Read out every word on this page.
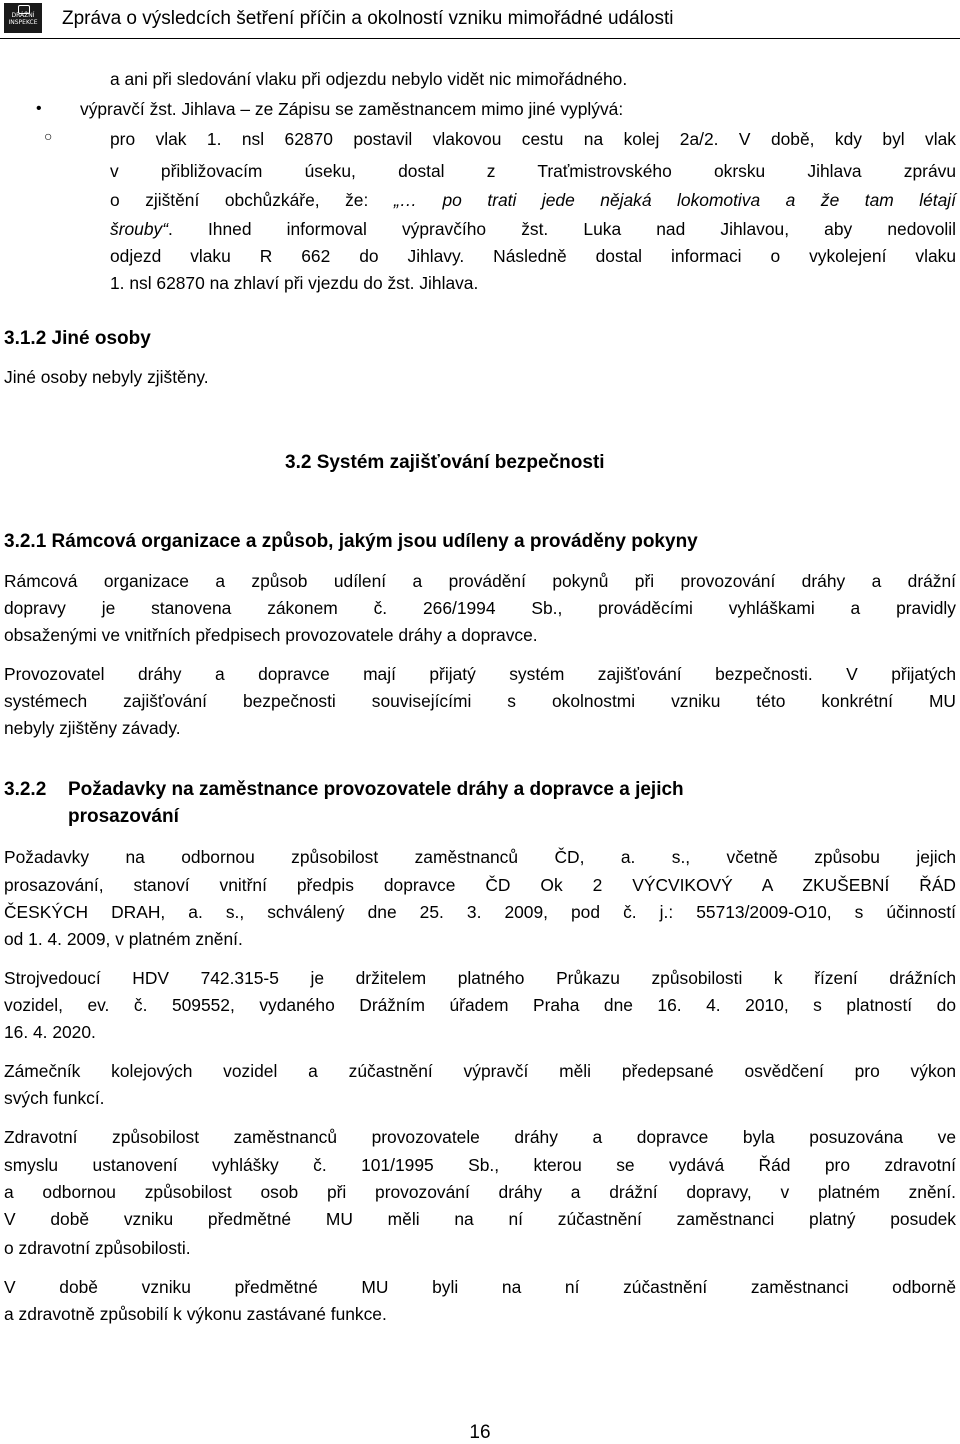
DRÁŽNÍ INSPEKCE Zpráva o výsledcích šetření příčin a okolností vzniku mimořádné události
a ani při sledování vlaku při odjezdu nebylo vidět nic mimořádného.
• výpravčí žst. Jihlava – ze Zápisu se zaměstnancem mimo jiné vyplývá:
○	pro vlak 1. nsl 62870 postavil vlakovou cestu na kolej 2a/2. V době, kdy byl vlak
v přibližovacím úseku, dostal z Traťmistrovského okrsku Jihlava zprávu
o zjištění obchůzkáře, že: „… po trati jede nějaká lokomotiva a že tam létají
šrouby“. Ihned informoval výpravčího žst. Luka nad Jihlavou, aby nedovolil
odjezd vlaku R 662 do Jihlavy. Následně dostal informaci o vykolejení vlaku
1. nsl 62870 na zhlaví při vjezdu do žst. Jihlava.
3.1.2 Jiné osoby
Jiné osoby nebyly zjištěny.
3.2 Systém zajišťování bezpečnosti
3.2.1 Rámcová organizace a způsob, jakým jsou udíleny a prováděny pokyny
Rámcová organizace a způsob udílení a provádění pokynů při provozování dráhy a drážní
dopravy je stanovena zákonem č. 266/1994 Sb., prováděcími vyhláškami a pravidly
obsaženými ve vnitřních předpisech provozovatele dráhy a dopravce.
Provozovatel dráhy a dopravce mají přijatý systém zajišťování bezpečnosti. V přijatých
systémech zajišťování bezpečnosti souvisejícími s okolnostmi vzniku této konkrétní MU
nebyly zjištěny závady.
3.2.2 Požadavky na zaměstnance provozovatele dráhy a dopravce a jejich
prosazování
Požadavky na odbornou způsobilost zaměstnanců ČD, a. s., včetně způsobu jejich
prosazování, stanoví vnitřní předpis dopravce ČD Ok 2 VÝCVIKOVÝ A ZKUŠEBNÍ ŘÁD
ČESKÝCH DRAH, a. s., schválený dne 25. 3. 2009, pod č. j.: 55713/2009-O10, s účinností
od 1. 4. 2009, v platném znění.
Strojvedoucí HDV 742.315-5 je držitelem platného Průkazu způsobilosti k řízení drážních
vozidel, ev. č. 509552, vydaného Drážním úřadem Praha dne 16. 4. 2010, s platností do
16. 4. 2020.
Zámečník kolejových vozidel a zúčastnění výpravčí měli předepsané osvědčení pro výkon
svých funkcí.
Zdravotní způsobilost zaměstnanců provozovatele dráhy a dopravce byla posuzována ve
smyslu ustanovení vyhlášky č. 101/1995 Sb., kterou se vydává Řád pro zdravotní
a odbornou způsobilost osob při provozování dráhy a drážní dopravy, v platném znění.
V době vzniku předmětné MU měli na ní zúčastnění zaměstnanci platný posudek
o zdravotní způsobilosti.
V době vzniku předmětné MU byli na ní zúčastnění zaměstnanci odborně
a zdravotně způsobilí k výkonu zastávané funkce.
16
